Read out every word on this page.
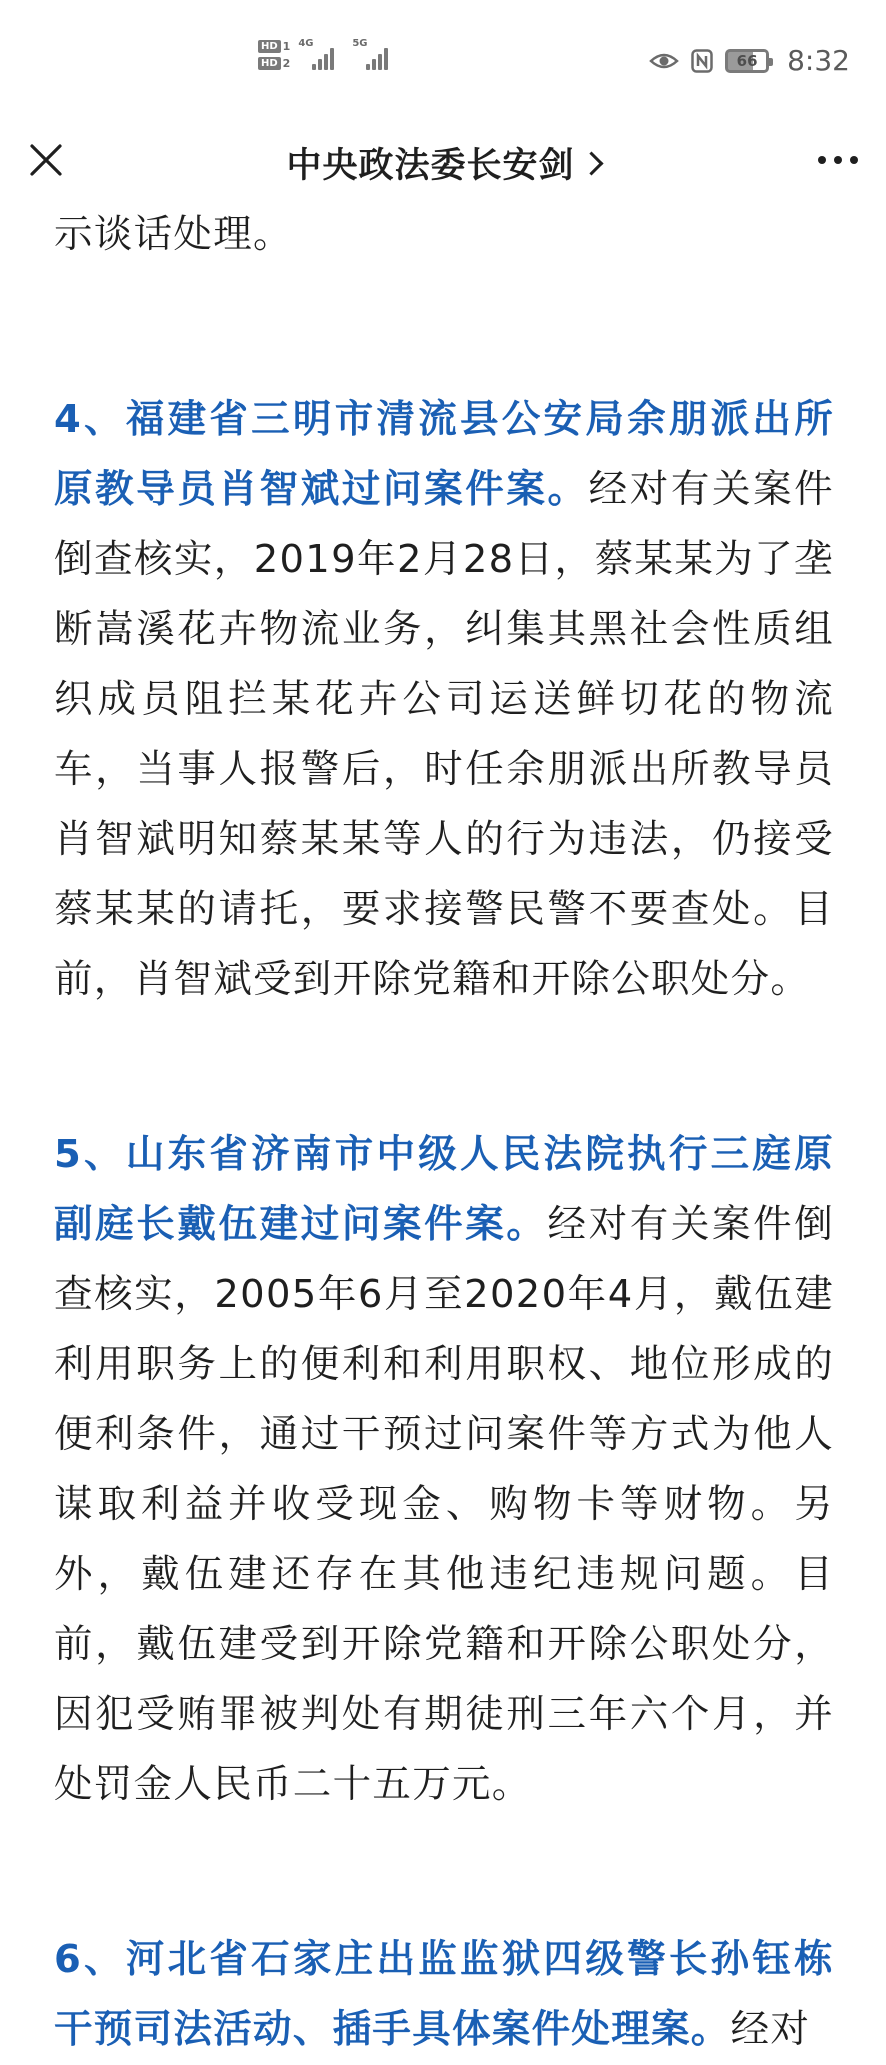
HD 1
HD 2
4G	5G
66 8:32
中央政法委长安剑

示谈话处理。

4、福建省三明市清流县公安局余朋派出所原教导员肖智斌过问案件案。经对有关案件倒查核实，2019年2月28日，蔡某某为了垄断嵩溪花卉物流业务，纠集其黑社会性质组织成员阻拦某花卉公司运送鲜切花的物流车，当事人报警后，时任余朋派出所教导员肖智斌明知蔡某某等人的行为违法，仍接受蔡某某的请托，要求接警民警不要查处。目前，肖智斌受到开除党籍和开除公职处分。

5、山东省济南市中级人民法院执行三庭原副庭长戴伍建过问案件案。经对有关案件倒查核实，2005年6月至2020年4月，戴伍建利用职务上的便利和利用职权、地位形成的便利条件，通过干预过问案件等方式为他人谋取利益并收受现金、购物卡等财物。另外，戴伍建还存在其他违纪违规问题。目前，戴伍建受到开除党籍和开除公职处分，因犯受贿罪被判处有期徒刑三年六个月，并处罚金人民币二十五万元。

6、河北省石家庄出监监狱四级警长孙钰栋干预司法活动、插手具体案件处理案。经对
